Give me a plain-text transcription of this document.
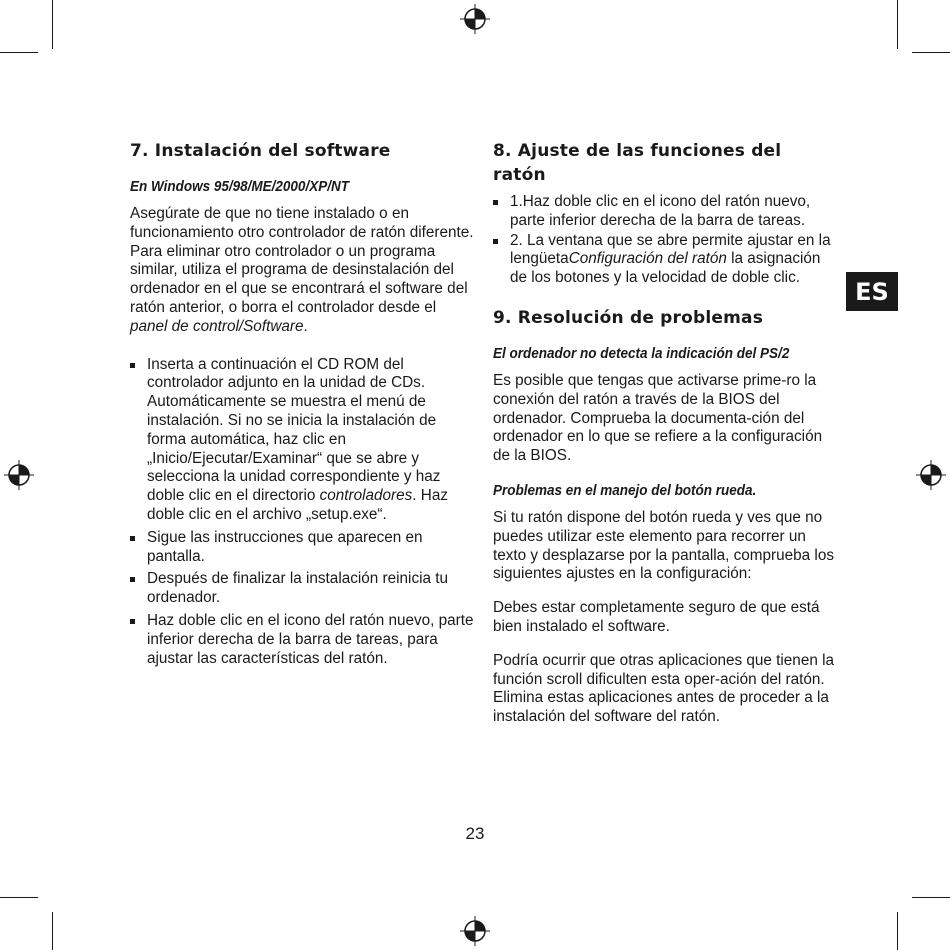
7. Instalación del software
En Windows 95/98/ME/2000/XP/NT

Asegúrate de que no tiene instalado o en funcionamiento otro controlador de ratón diferente. Para eliminar otro controlador o un programa similar, utiliza el programa de desinstalación del ordenador en el que se encontrará el software del ratón anterior, o borra el controlador desde el panel de control/Software.

Inserta a continuación el CD ROM del controlador adjunto en la unidad de CDs. Automáticamente se muestra el menú de instalación. Si no se inicia la instalación de forma automática, haz clic en „Inicio/Ejecutar/Examinar“ que se abre y selecciona la unidad correspondiente y haz doble clic en el directorio controladores. Haz doble clic en el archivo „setup.exe“.
Sigue las instrucciones que aparecen en pantalla.
Después de finalizar la instalación reinicia tu ordenador.
Haz doble clic en el icono del ratón nuevo, parte inferior derecha de la barra de tareas, para ajustar las características del ratón.
8. Ajuste de las funciones del ratón
1.Haz doble clic en el icono del ratón nuevo, parte inferior derecha de la barra de tareas.
2. La ventana que se abre permite ajustar en la lengüetaConfiguración del ratón la asignación de los botones y la velocidad de doble clic.
9. Resolución de problemas
El ordenador no detecta la indicación del PS/2

Es posible que tengas que activarse prime-ro la conexión del ratón a través de la BIOS del ordenador. Comprueba la documenta-ción del ordenador en lo que se refiere a la configuración de la BIOS.

Problemas en el manejo del botón rueda.

Si tu ratón dispone del botón rueda y ves que no puedes utilizar este elemento para recorrer un texto y desplazarse por la pantalla, comprueba los siguientes ajustes en la configuración:

Debes estar completamente seguro de que está bien instalado el software.

Podría ocurrir que otras aplicaciones que tienen la función scroll dificulten esta oper-ación del ratón. Elimina estas aplicaciones antes de proceder a la instalación del software del ratón.

ES
23
